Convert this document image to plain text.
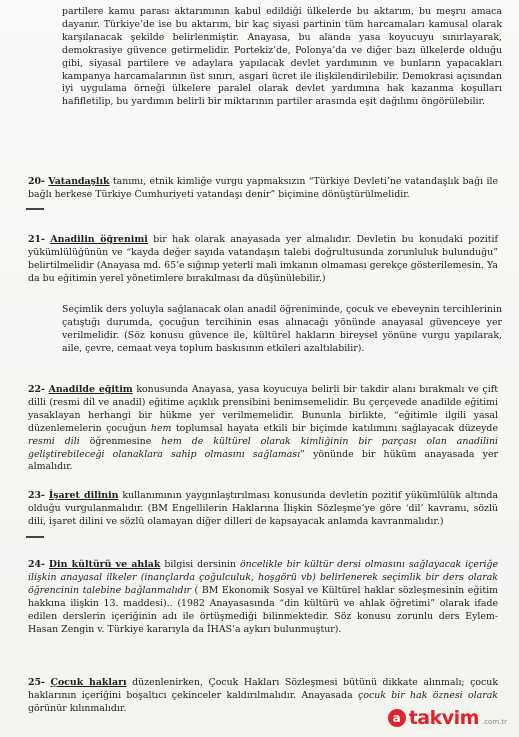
partilere kamu parası aktarımının kabul edildiği ülkelerde bu aktarım, bu meşru amaca dayanır. Türkiye’de ise bu aktarım, bir kaç siyasi partinin tüm harcamaları kamusal olarak karşılanacak şekilde belirlenmiştir. Anayasa, bu alanda yasa koyucuyu sınırlayarak, demokrasiye güvence getirmelidir. Portekiz’de, Polonya’da ve diğer bazı ülkelerde olduğu gibi, siyasal partilere ve adaylara yapılacak devlet yardımının ve bunların yapacakları kampanya harcamalarının üst sınırı, asgari ücret ile ilişkilendirilebilir. Demokrasi açısından iyi uygulama örneği ülkelere paralel olarak devlet yardımına hak kazanma koşulları hafifletilip, bu yardımın belirli bir miktarının partiler arasında eşit dağılımı öngörülebilir.

20- Vatandaşlık tanımı, etnik kimliğe vurgu yapmaksızın “Türkiye Devleti’ne vatandaşlık bağı ile bağlı herkese Türkiye Cumhuriyeti vatandaşı denir” biçimine dönüştürülmelidir.

21- Anadilin öğrenimi bir hak olarak anayasada yer almalıdır. Devletin bu konudaki pozitif yükümlülüğünün ve “kayda değer sayıda vatandaşın talebi doğrultusunda zorunluluk bulunduğu” belirtilmelidir (Anayasa md. 65’e sığınıp yeterli mali imkanın olmaması gerekçe gösterilemesin. Ya da bu eğitimin yerel yönetimlere bırakılması da düşünülebilir.)

Seçimlik ders yoluyla sağlanacak olan anadil öğreniminde, çocuk ve ebeveynin tercihlerinin çatıştığı durumda, çocuğun tercihinin esas alınacağı yönünde anayasal güvenceye yer verilmelidir. (Söz konusu güvence ile, kültürel hakların bireysel yönüne vurgu yapılarak, aile, çevre, cemaat veya toplum baskısının etkileri azaltılabilir).

22- Anadilde eğitim konusunda Anayasa, yasa koyucuya belirli bir takdir alanı bırakmalı ve çift dilli (resmi dil ve anadil) eğitime açıklık prensibini benimsemelidir. Bu çerçevede anadilde eğitimi yasaklayan herhangi bir hükme yer verilmemelidir. Bununla birlikte, “eğitimle ilgili yasal düzenlemelerin çocuğun hem toplumsal hayata etkili bir biçimde katılımını sağlayacak düzeyde resmi dili öğrenmesine hem de kültürel olarak kimliğinin bir parçası olan anadilini geliştirebileceği olanaklara sahip olmasını sağlaması” yönünde bir hüküm anayasada yer almalıdır.

23- İşaret dilinin kullanımının yaygınlaştırılması konusunda devletin pozitif yükümlülük altında olduğu vurgulanmalıdır. (BM Engellilerin Haklarına İlişkin Sözleşme’ye göre ‘dil’ kavramı, sözlü dili, işaret dilini ve sözlü olamayan diğer dilleri de kapsayacak anlamda kavranmalıdır.)

24- Din kültürü ve ahlak bilgisi dersinin öncelikle bir kültür dersi olmasını sağlayacak içeriğe ilişkin anayasal ilkeler (inançlarda çoğulculuk, hoşgörü vb) belirlenerek seçimlik bir ders olarak öğrencinin talebine bağlanmalıdır ( BM Ekonomik Sosyal ve Kültürel haklar sözleşmesinin eğitim hakkına ilişkin 13. maddesi).. (1982 Anayasasında “din kültürü ve ahlak öğretimi” olarak ifade edilen derslerin içeriğinin adı ile örtüşmediği bilinmektedir. Söz konusu zorunlu ders Eylem-Hasan Zengin v. Türkiye kararıyla da İHAS’a aykırı bulunmuştur).

25- Çocuk hakları düzenlenirken, Çocuk Hakları Sözleşmesi bütünü dikkate alınmalı; çocuk haklarının içeriğini boşaltıcı çekinceler kaldırılmalıdır. Anayasada çocuk bir hak öznesi olarak görünür kılınmalıdır.

a takvim .com.tr
